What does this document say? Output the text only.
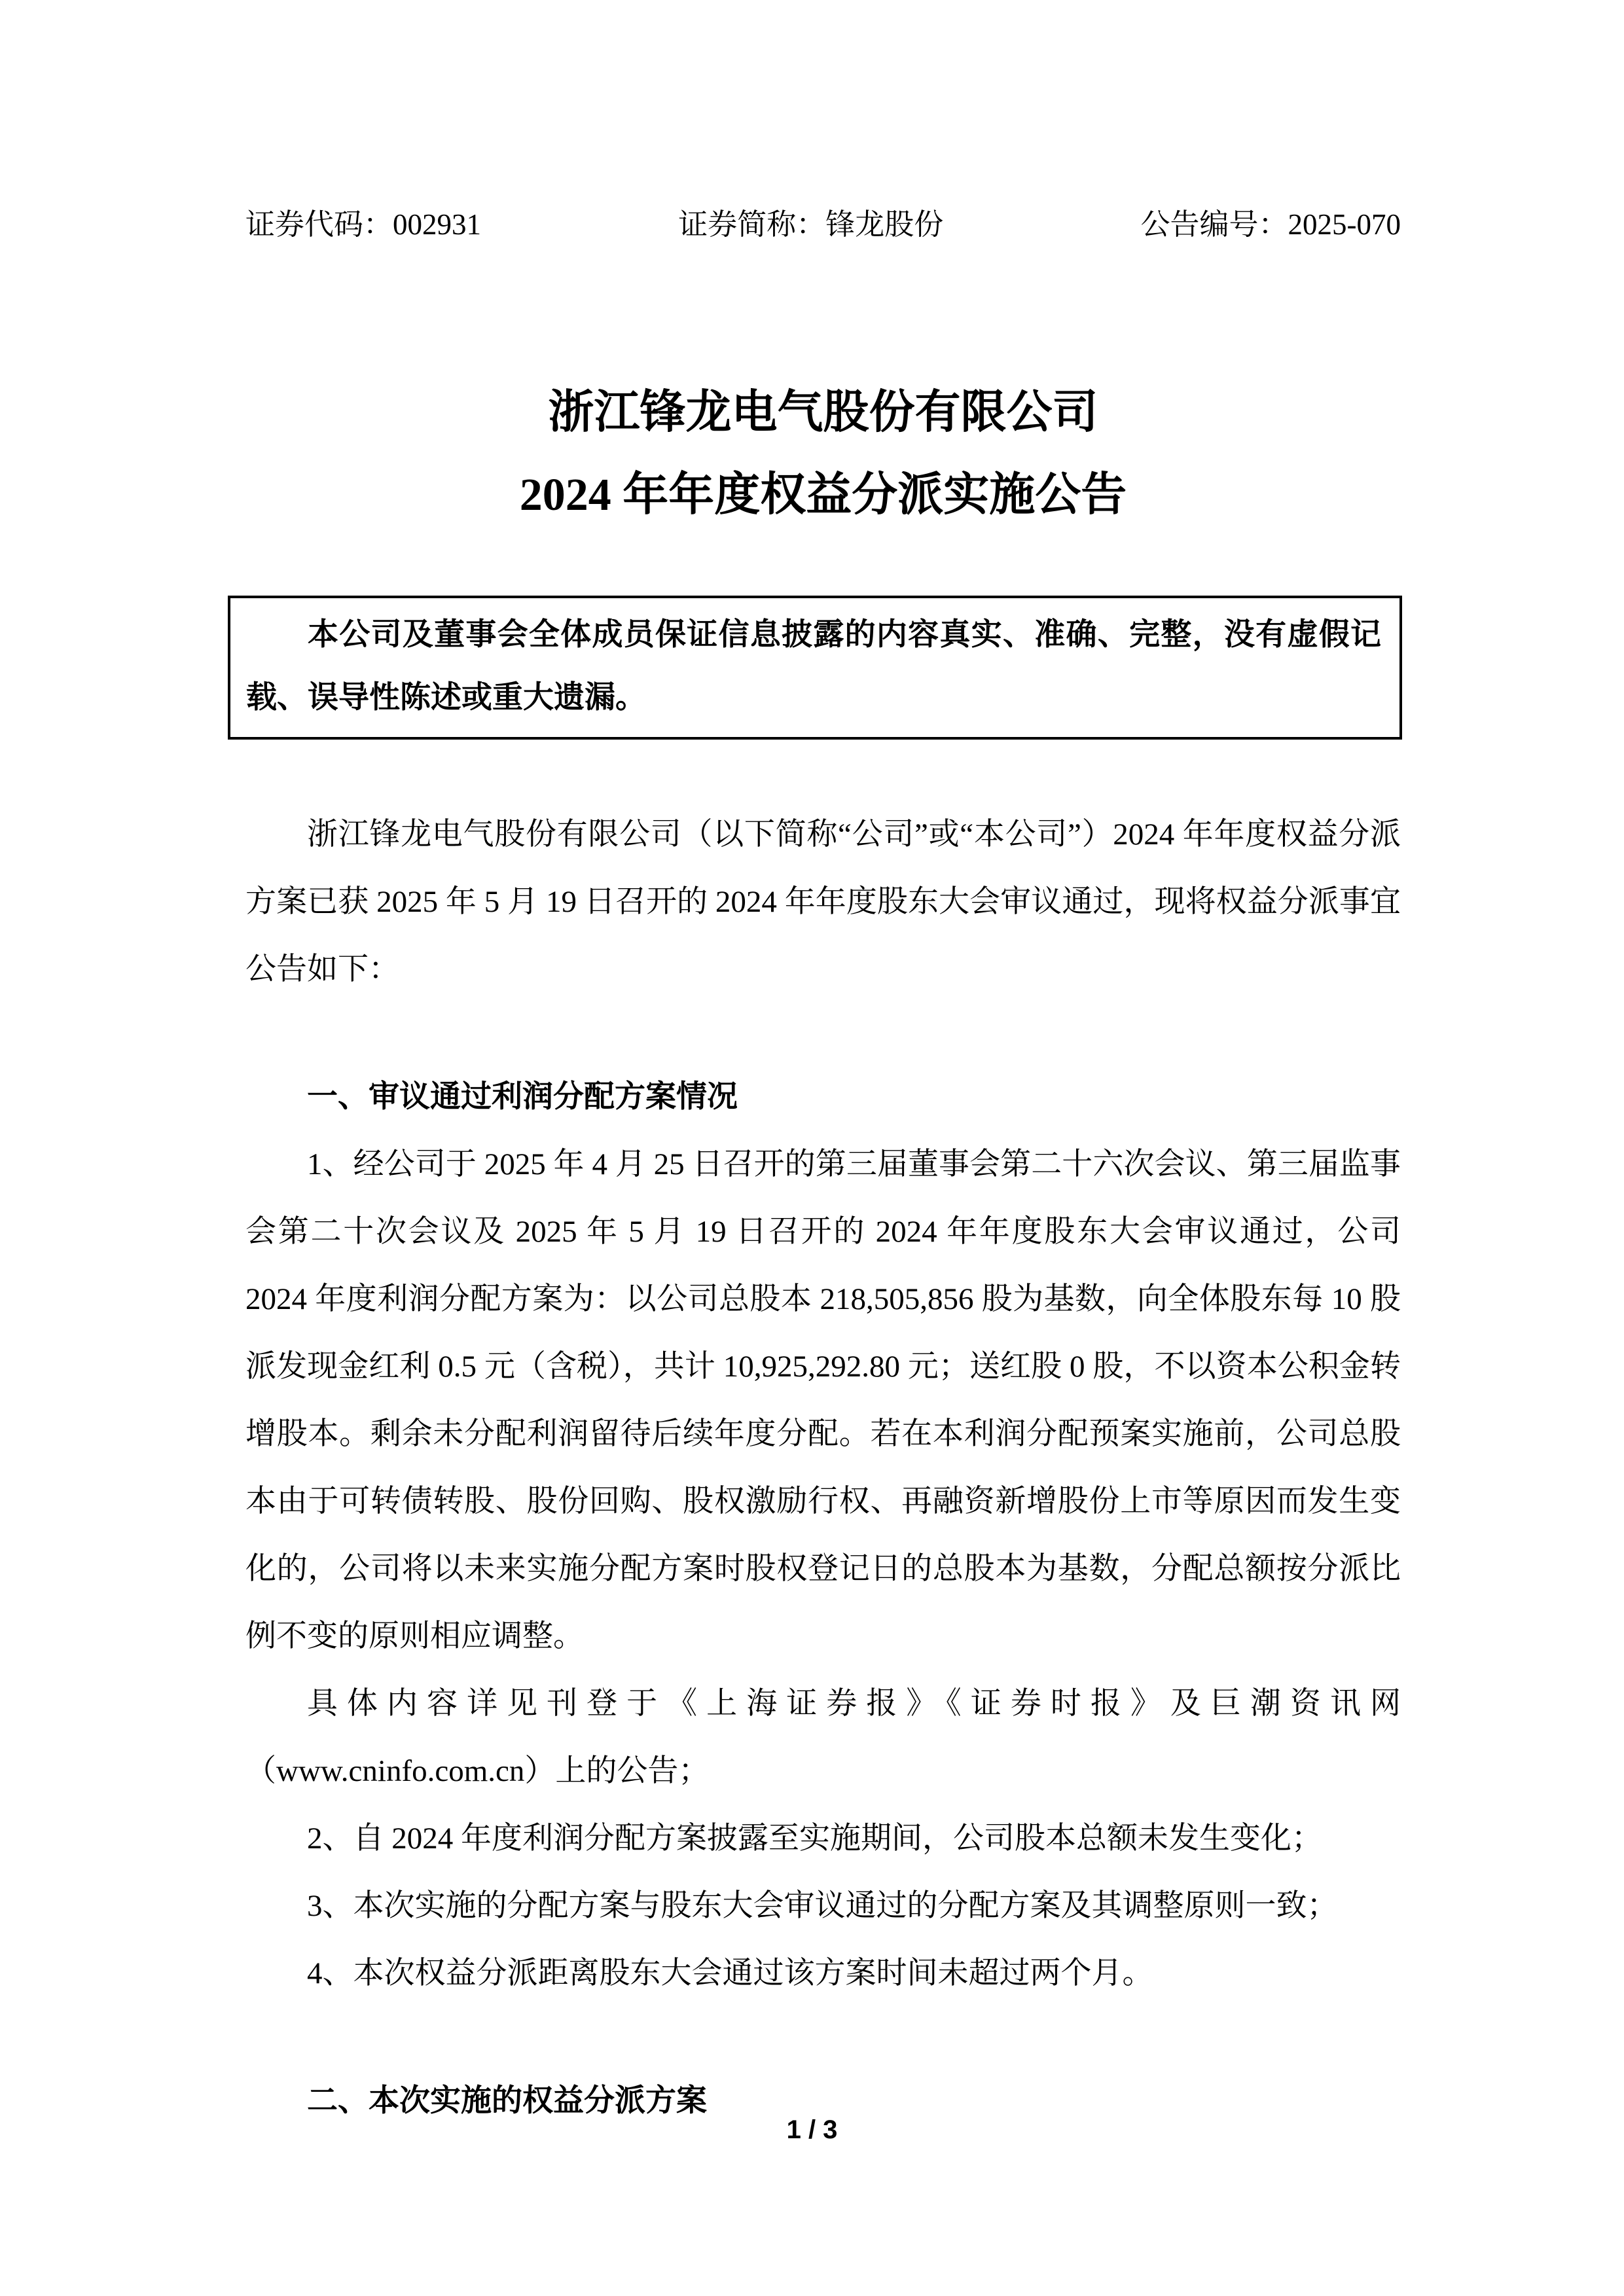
证券代码：002931	证券简称：锋龙股份	公告编号：2025-070
浙江锋龙电气股份有限公司
2024 年年度权益分派实施公告

本公司及董事会全体成员保证信息披露的内容真实、准确、完整，没有虚假记载、误导性陈述或重大遗漏。

浙江锋龙电气股份有限公司（以下简称“公司”或“本公司”）2024 年年度权益分派方案已获 2025 年 5 月 19 日召开的 2024 年年度股东大会审议通过，现将权益分派事宜公告如下：

一、审议通过利润分配方案情况

1、经公司于 2025 年 4 月 25 日召开的第三届董事会第二十六次会议、第三届监事会第二十次会议及 2025 年 5 月 19 日召开的 2024 年年度股东大会审议通过，公司 2024 年度利润分配方案为：以公司总股本 218,505,856 股为基数，向全体股东每 10 股派发现金红利 0.5 元（含税），共计 10,925,292.80 元；送红股 0 股，不以资本公积金转增股本。剩余未分配利润留待后续年度分配。若在本利润分配预案实施前，公司总股本由于可转债转股、股份回购、股权激励行权、再融资新增股份上市等原因而发生变化的，公司将以未来实施分配方案时股权登记日的总股本为基数，分配总额按分派比例不变的原则相应调整。

具体内容详见刊登于《上海证券报》《证券时报》及巨潮资讯网（www.cninfo.com.cn）上的公告；

2、自 2024 年度利润分配方案披露至实施期间，公司股本总额未发生变化；

3、本次实施的分配方案与股东大会审议通过的分配方案及其调整原则一致；

4、本次权益分派距离股东大会通过该方案时间未超过两个月。

二、本次实施的权益分派方案
1 / 3
